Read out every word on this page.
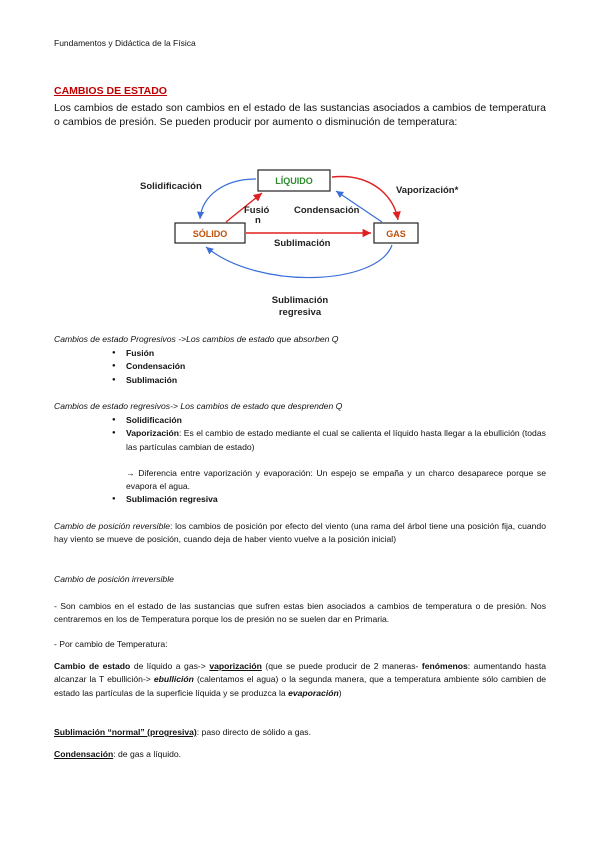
Fundamentos y Didáctica de la Física
CAMBIOS DE ESTADO
Los cambios de estado son cambios en el estado de las sustancias asociados a cambios de temperatura o cambios de presión. Se pueden producir por aumento o disminución de temperatura:
LÍQUIDO
SÓLIDO	GAS
Solidificación	Vaporización*
Fusió
n
Condensación
Sublimación
Sublimación
regresiva
Cambios de estado Progresivos ->Los cambios de estado que absorben Q
● Fusión
● Condensación
● Sublimación
Cambios de estado regresivos-> Los cambios de estado que desprenden Q
● Solidificación
● Vaporización: Es el cambio de estado mediante el cual se calienta el líquido hasta llegar a la ebullición (todas las partículas cambian de estado)
→ Diferencia entre vaporización y evaporación: Un espejo se empaña y un charco desaparece porque se evapora el agua.
● Sublimación regresiva
Cambio de posición reversible: los cambios de posición por efecto del viento (una rama del árbol tiene una posición fija, cuando hay viento se mueve de posición, cuando deja de haber viento vuelve a la posición inicial)
Cambio de posición irreversible
- Son cambios en el estado de las sustancias que sufren estas bien asociados a cambios de temperatura o de presión. Nos centraremos en los de Temperatura porque los de presión no se suelen dar en Primaria.
- Por cambio de Temperatura:
Cambio de estado de líquido a gas-> vaporización (que se puede producir de 2 maneras- fenómenos: aumentando hasta alcanzar la T ebullición-> ebullición (calentamos el agua) o la segunda manera, que a temperatura ambiente sólo cambien de estado las partículas de la superficie líquida y se produzca la evaporación)
Sublimación “normal” (progresiva): paso directo de sólido a gas.
Condensación: de gas a líquido.
